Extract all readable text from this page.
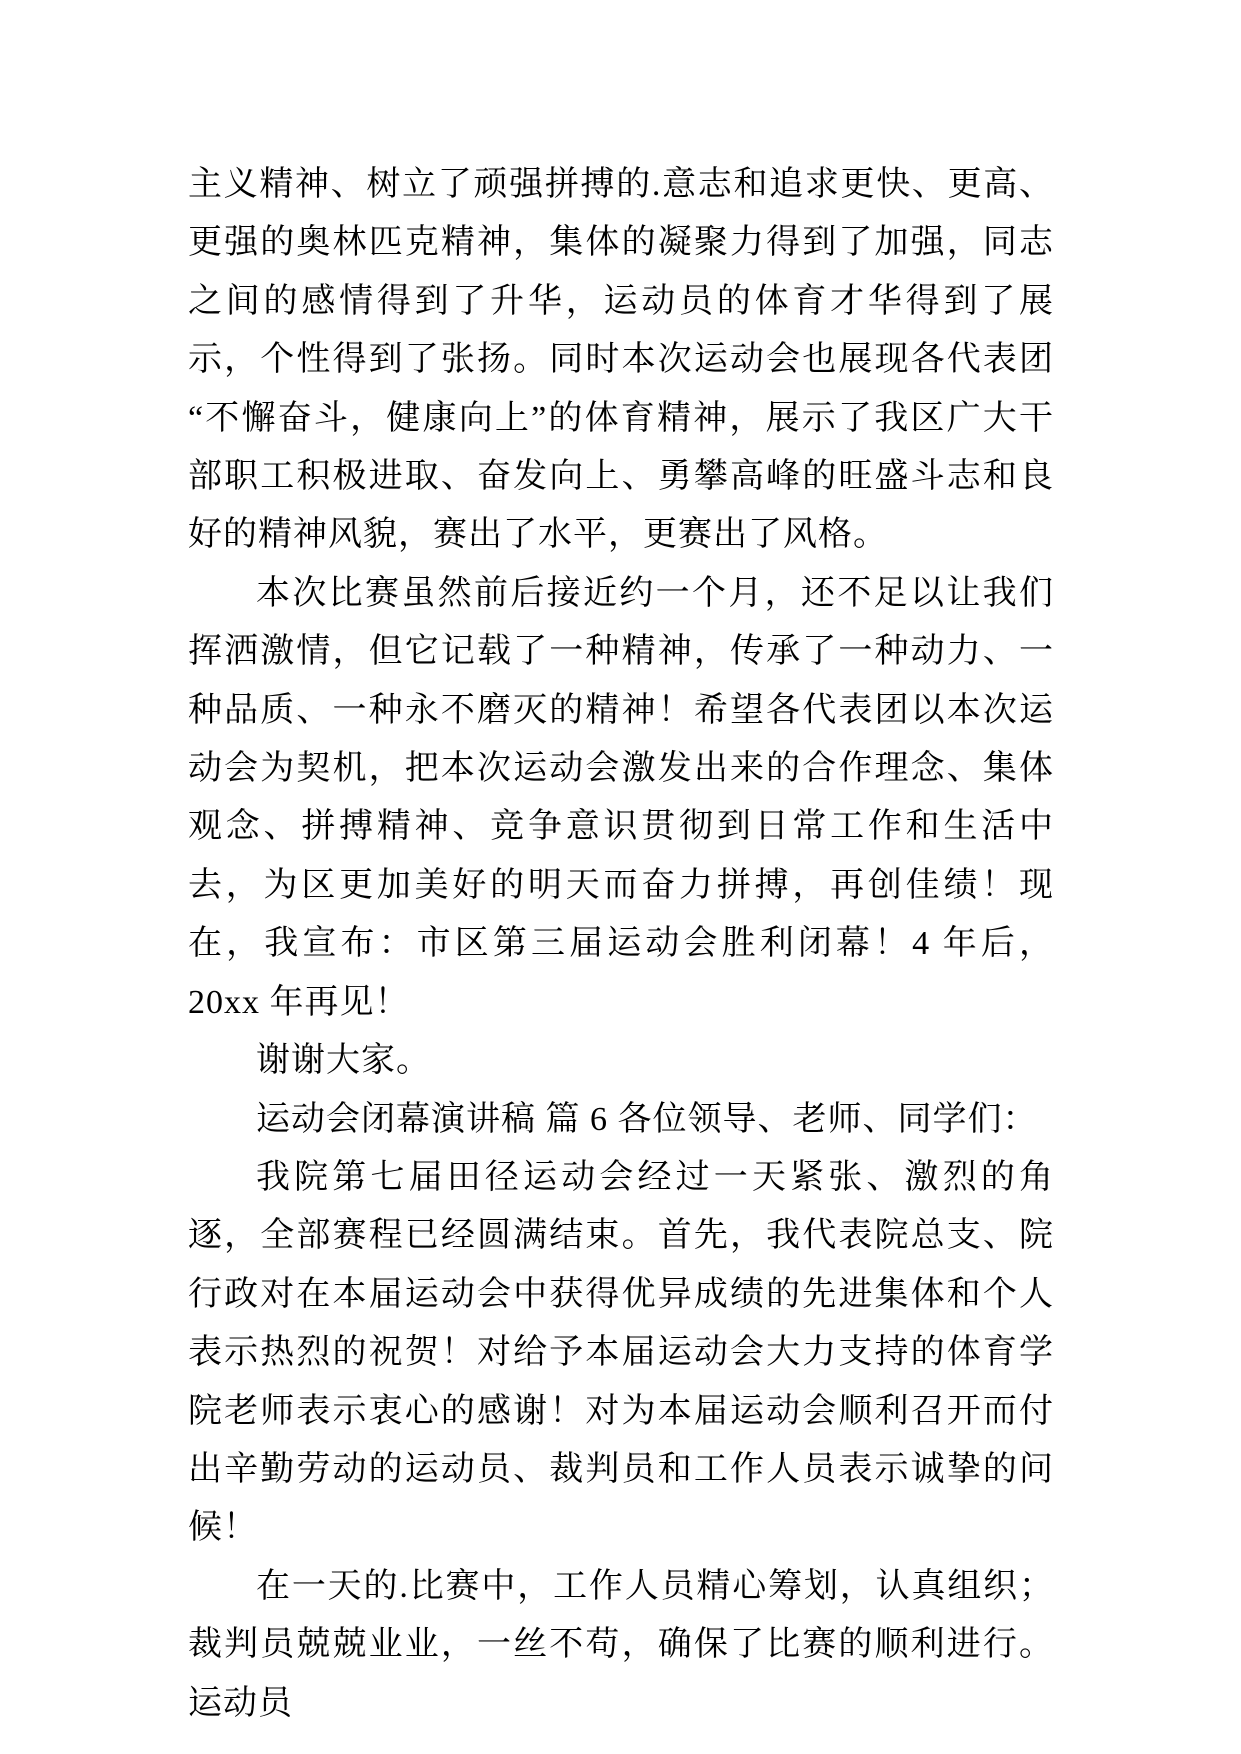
主义精神、树立了顽强拼搏的.意志和追求更快、更高、更强的奥林匹克精神，集体的凝聚力得到了加强，同志之间的感情得到了升华，运动员的体育才华得到了展示，个性得到了张扬。同时本次运动会也展现各代表团“不懈奋斗，健康向上”的体育精神，展示了我区广大干部职工积极进取、奋发向上、勇攀高峰的旺盛斗志和良好的精神风貌，赛出了水平，更赛出了风格。

本次比赛虽然前后接近约一个月，还不足以让我们挥洒激情，但它记载了一种精神，传承了一种动力、一种品质、一种永不磨灭的精神！希望各代表团以本次运动会为契机，把本次运动会激发出来的合作理念、集体观念、拼搏精神、竞争意识贯彻到日常工作和生活中去，为区更加美好的明天而奋力拼搏，再创佳绩！现在，我宣布：市区第三届运动会胜利闭幕！4 年后，20xx 年再见！

谢谢大家。

运动会闭幕演讲稿 篇 6 各位领导、老师、同学们：

我院第七届田径运动会经过一天紧张、激烈的角逐，全部赛程已经圆满结束。首先，我代表院总支、院行政对在本届运动会中获得优异成绩的先进集体和个人表示热烈的祝贺！对给予本届运动会大力支持的体育学院老师表示衷心的感谢！对为本届运动会顺利召开而付出辛勤劳动的运动员、裁判员和工作人员表示诚挚的问候！

在一天的.比赛中，工作人员精心筹划，认真组织；裁判员兢兢业业，一丝不苟，确保了比赛的顺利进行。运动员
